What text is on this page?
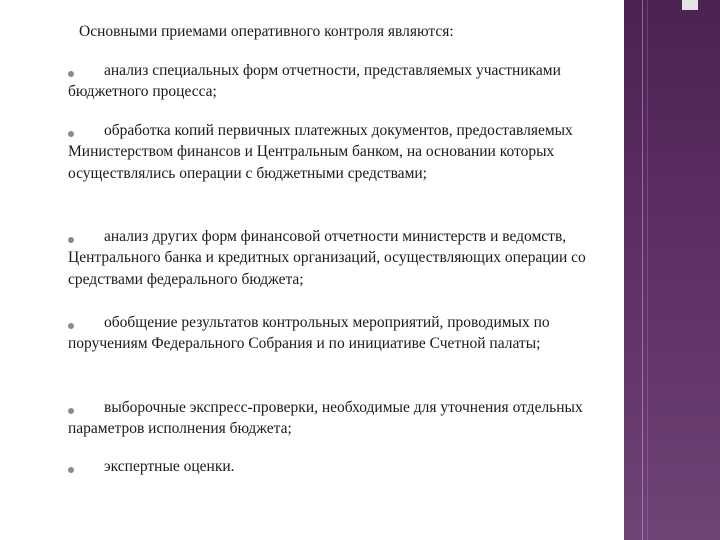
Основными приемами оперативного контроля являются:
анализ специальных форм отчетности, представляемых участниками бюджетного процесса;
обработка копий первичных платежных документов, предоставляемых Министерством финансов и Центральным банком, на основании которых осуществлялись операции с бюджетными средствами;
анализ других форм финансовой отчетности министерств и ведомств, Центрального банка и кредитных организаций, осуществляющих операции со средствами федерального бюджета;
обобщение результатов контрольных мероприятий, проводимых по поручениям Федерального Собрания и по инициативе Счетной палаты;
выборочные экспресс-проверки, необходимые для уточнения отдельных параметров исполнения бюджета;
экспертные оценки.
